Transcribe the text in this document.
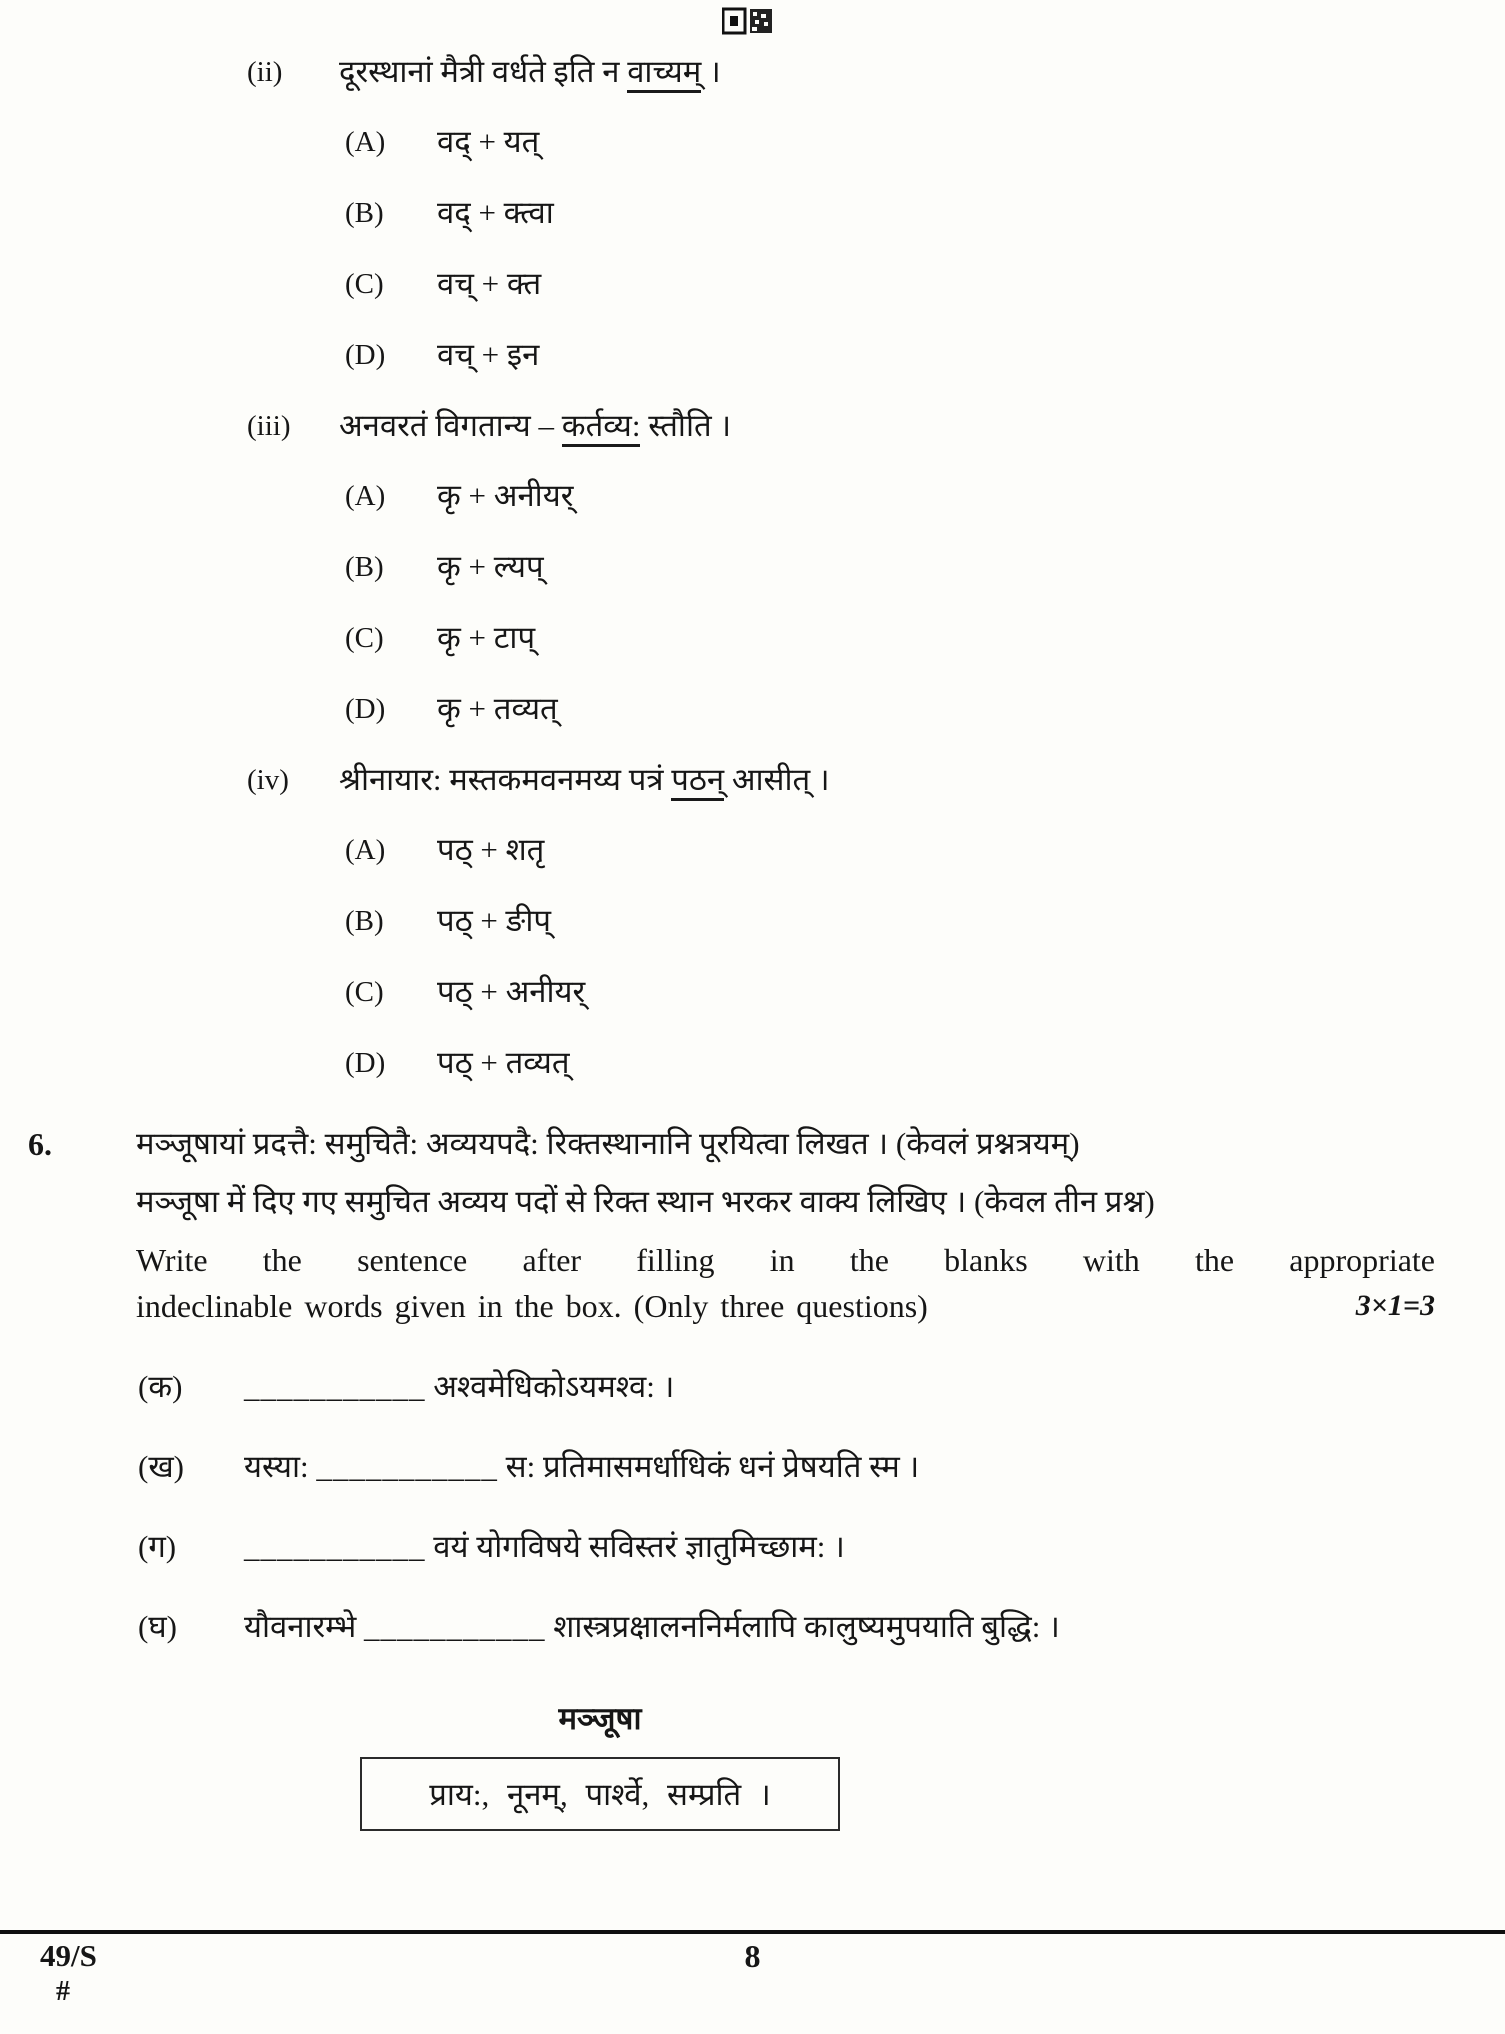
(ii)	दूरस्थानां मैत्री वर्धते इति न वाच्यम् ।
(A)	वद् + यत्
(B)	वद् + क्त्वा
(C)	वच् + क्त
(D)	वच् + इन
(iii)	अनवरतं विगतान्य – कर्तव्य: स्तौति ।
(A)	कृ + अनीयर्
(B)	कृ + ल्यप्
(C)	कृ + टाप्
(D)	कृ + तव्यत्
(iv)	श्रीनायार: मस्तकमवनमय्य पत्रं पठन् आसीत् ।
(A)	पठ् + शतृ
(B)	पठ् + ङीप्
(C)	पठ् + अनीयर्
(D)	पठ् + तव्यत्
6.	मञ्जूषायां प्रदत्तै: समुचितै: अव्ययपदै: रिक्तस्थानानि पूरयित्वा लिखत । (केवलं प्रश्नत्रयम्)
मञ्जूषा में दिए गए समुचित अव्यय पदों से रिक्त स्थान भरकर वाक्य लिखिए । (केवल तीन प्रश्न)
Write the sentence after filling in the blanks with the appropriate
indeclinable words given in the box. (Only three questions)	3×1=3
(क)	___________ अश्वमेधिकोऽयमश्व: ।
(ख)	यस्या: ___________ स: प्रतिमासमर्धाधिकं धनं प्रेषयति स्म ।
(ग)	___________ वयं योगविषये सविस्तरं ज्ञातुमिच्छाम: ।
(घ)	यौवनारम्भे ___________ शास्त्रप्रक्षालननिर्मलापि कालुष्यमुपयाति बुद्धि: ।
मञ्जूषा
प्राय:, नूनम्, पार्श्वे, सम्प्रति ।
49/S
#
8
